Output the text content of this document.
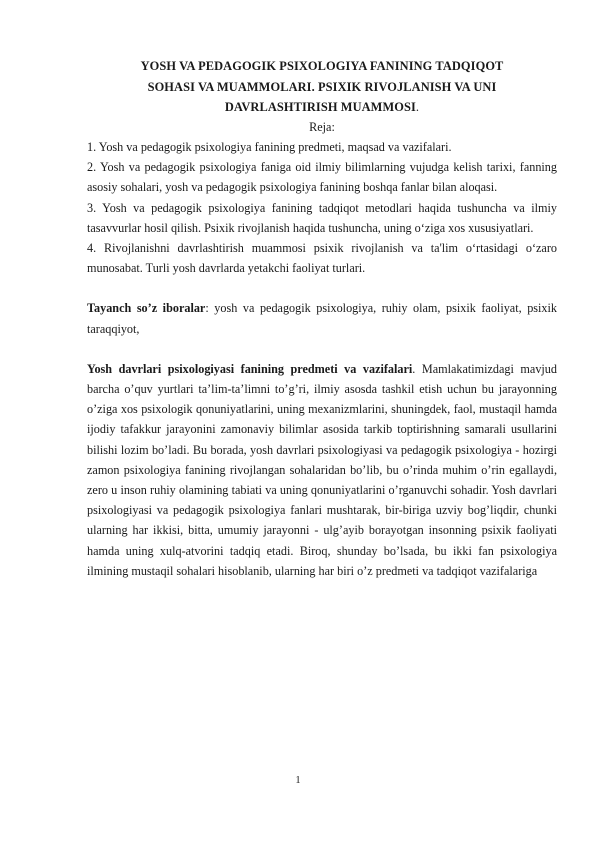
YOSH VA PEDAGOGIK PSIXOLOGIYA FANINING TADQIQOT
SOHASI VA MUAMMOLARI. PSIXIK RIVOJLANISH VA UNI
DAVRLASHTIRISH MUAMMOSI.
Reja:

1. Yosh va pedagogik psixologiya fanining predmeti, maqsad va vazifalari.

2. Yosh va pedagogik psixologiya faniga oid ilmiy bilimlarning vujudga kelish tarixi, fanning asosiy sohalari, yosh va pedagogik psixologiya fanining boshqa fanlar bilan aloqasi.

3. Yosh va pedagogik psixologiya fanining tadqiqot metodlari haqida tushuncha va ilmiy tasavvurlar hosil qilish. Psixik rivojlanish haqida tushuncha, uning o‘ziga xos xususiyatlari.

4. Rivojlanishni davrlashtirish muammosi psixik rivojlanish va ta'lim o‘rtasidagi o‘zaro munosabat. Turli yosh davrlarda yetakchi faoliyat turlari.

Tayanch so’z iboralar: yosh va pedagogik psixologiya, ruhiy olam, psixik faoliyat, psixik taraqqiyot,

Yosh davrlari psixologiyasi fanining predmeti va vazifalari. Mamlakatimizdagi mavjud barcha o’quv yurtlari ta’lim-ta’limni to’g’ri, ilmiy asosda tashkil etish uchun bu jarayonning o’ziga xos psixologik qonuniyatlarini, uning mexanizmlarini, shuningdek, faol, mustaqil hamda ijodiy tafakkur jarayonini zamonaviy bilimlar asosida tarkib toptirishning samarali usullarini bilishi lozim bo’ladi. Bu borada, yosh davrlari psixologiyasi va pedagogik psixologiya - hozirgi zamon psixologiya fanining rivojlangan sohalaridan bo’lib, bu o’rinda muhim o’rin egallaydi, zero u inson ruhiy olamining tabiati va uning qonuniyatlarini o’rganuvchi sohadir. Yosh davrlari psixologiyasi va pedagogik psixologiya fanlari mushtarak, bir-biriga uzviy bog’liqdir, chunki ularning har ikkisi, bitta, umumiy jarayonni - ulg’ayib borayotgan insonning psixik faoliyati hamda uning xulq-atvorini tadqiq etadi. Biroq, shunday bo’lsada, bu ikki fan psixologiya ilmining mustaqil sohalari hisoblanib, ularning har biri o’z predmeti va tadqiqot vazifalariga

1
